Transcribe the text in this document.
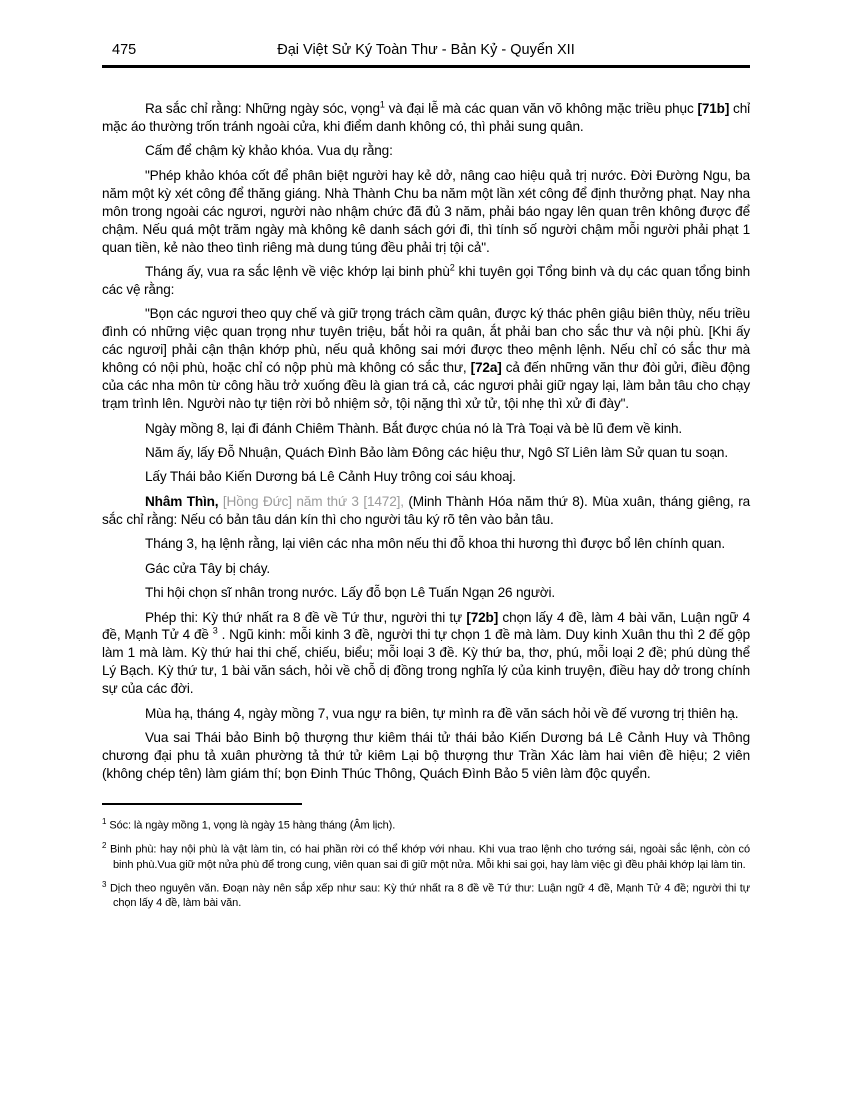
475	Đại Việt Sử Ký Toàn Thư - Bản Kỷ - Quyển XII

Ra sắc chỉ rằng: Những ngày sóc, vọng$^1$ và đại lễ mà các quan văn võ không mặc triều phục [71b] chỉ mặc áo thường trốn tránh ngoài cửa, khi điểm danh không có, thì phải sung quân.

Cấm để chậm kỳ khảo khóa. Vua dụ rằng:

"Phép khảo khóa cốt để phân biệt người hay kẻ dở, nâng cao hiệu quả trị nước. Đời Đường Ngu, ba năm một kỳ xét công để thăng giáng. Nhà Thành Chu ba năm một lần xét công để định thưởng phạt. Nay nha môn trong ngoài các ngươi, người nào nhậm chức đã đủ 3 năm, phải báo ngay lên quan trên không được để chậm. Nếu quá một trăm ngày mà không kê danh sách gới đi, thì tính số người chậm mỗi người phải phạt 1 quan tiền, kẻ nào theo tình riêng mà dung túng đều phải trị tội cả".

Tháng ấy, vua ra sắc lệnh về việc khớp lại binh phù$^2$ khi tuyên gọi Tổng binh và dụ các quan tổng binh các vệ rằng:

"Bọn các ngươi theo quy chế và giữ trọng trách cầm quân, được ký thác phên giậu biên thùy, nếu triều đình có những việc quan trọng như tuyên triệu, bắt hỏi ra quân, ắt phải ban cho sắc thư và nội phù. [Khi ấy các ngươi] phải cận thận khớp phù, nếu quả không sai mới được theo mệnh lệnh. Nếu chỉ có sắc thư mà không có nội phù, hoặc chỉ có nộp phù mà không có sắc thư, [72a] cả đến những văn thư đòi gửi, điều động của các nha môn từ công hầu trở xuống đều là gian trá cả, các ngươi phải giữ ngay lại, làm bản tâu cho chạy trạm trình lên. Người nào tự tiện rời bỏ nhiệm sở, tội nặng thì xử tử, tội nhẹ thì xử đi đày".

Ngày mồng 8, lại đi đánh Chiêm Thành. Bắt được chúa nó là Trà Toại và bè lũ đem về kinh.

Năm ấy, lấy Đỗ Nhuận, Quách Đình Bảo làm Đông các hiệu thư, Ngô Sĩ Liên làm Sử quan tu soạn.

Lấy Thái bảo Kiến Dương bá Lê Cảnh Huy trông coi sáu khoaj.

Nhâm Thìn, [Hồng Đức] năm thứ 3 [1472], (Minh Thành Hóa năm thứ 8). Mùa xuân, tháng giêng, ra sắc chỉ rằng: Nếu có bản tâu dán kín thì cho người tâu ký rõ tên vào bản tâu.

Tháng 3, hạ lệnh rằng, lại viên các nha môn nếu thi đỗ khoa thi hương thì được bổ lên chính quan.

Gác cửa Tây bị cháy.

Thi hội chọn sĩ nhân trong nước. Lấy đỗ bọn Lê Tuấn Ngạn 26 người.

Phép thi: Kỳ thứ nhất ra 8 đề về Tứ thư, người thi tự [72b] chọn lấy 4 đề, làm 4 bài văn, Luận ngữ 4 đề, Mạnh Tử 4 đề $^3$ . Ngũ kinh: mỗi kinh 3 đề, người thi tự chọn 1 đề mà làm. Duy kinh Xuân thu thì 2 đế gộp làm 1 mà làm. Kỳ thứ hai thi chế, chiếu, biểu; mỗi loại 3 đề. Kỳ thứ ba, thơ, phú, mỗi loại 2 đề; phú dùng thể Lý Bạch. Kỳ thứ tư, 1 bài văn sách, hỏi về chỗ dị đồng trong nghĩa lý của kinh truyện, điều hay dở trong chính sự của các đời.

Mùa hạ, tháng 4, ngày mồng 7, vua ngự ra biên, tự mình ra đề văn sách hỏi về đế vương trị thiên hạ.

Vua sai Thái bảo Binh bộ thượng thư kiêm thái tử thái bảo Kiến Dương bá Lê Cảnh Huy và Thông chương đại phu tả xuân phường tả thứ tử kiêm Lại bộ thượng thư Trần Xác làm hai viên đề hiệu; 2 viên (không chép tên) làm giám thí; bọn Đinh Thúc Thông, Quách Đình Bảo 5 viên làm độc quyển.

$^1$ Sóc: là ngày mồng 1, vọng là ngày 15 hàng tháng (Âm lịch).

$^2$ Binh phù: hay nội phù là vật làm tin, có hai phần rời có thể khớp với nhau. Khi vua trao lệnh cho tướng sái, ngoài sắc lệnh, còn có binh phù.Vua giữ một nửa phù để trong cung, viên quan sai đi giữ một nửa. Mỗi khi sai gọi, hay làm việc gì đều phải khớp lại làm tin.

$^3$ Dịch theo nguyên văn. Đoạn này nên sắp xếp như sau: Kỳ thứ nhất ra 8 đề về Tứ thư: Luận ngữ 4 đề, Mạnh Tử 4 đề; người thi tự chọn lấy 4 đề, làm bài văn.
